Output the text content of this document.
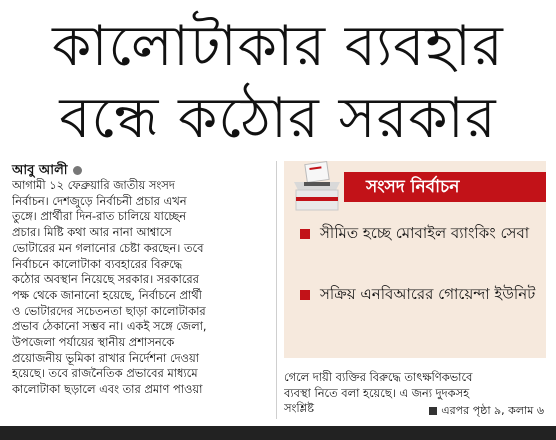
কালোটাকার ব্যবহার
বন্ধে কঠোর সরকার
আবু আলী
আগামী ১২ ফেব্রুয়ারি জাতীয় সংসদ
নির্বাচন। দেশজুড়ে নির্বাচনী প্রচার এখন
তুঙ্গে। প্রার্থীরা দিন-রাত চালিয়ে যাচ্ছেন
প্রচার। মিষ্টি কথা আর নানা আশ্বাসে
ভোটারের মন গলানোর চেষ্টা করছেন। তবে
নির্বাচনে কালোটাকা ব্যবহারের বিরুদ্ধে
কঠোর অবস্থান নিয়েছে সরকার। সরকারের
পক্ষ থেকে জানানো হয়েছে, নির্বাচনে প্রার্থী
ও ভোটারদের সচেতনতা ছাড়া কালোটাকার
প্রভাব ঠেকানো সম্ভব না। একই সঙ্গে জেলা,
উপজেলা পর্যায়ের স্থানীয় প্রশাসনকে
প্রয়োজনীয় ভূমিকা রাখার নির্দেশনা দেওয়া
হয়েছে। তবে রাজনৈতিক প্রভাবের মাধ্যমে
কালোটাকা ছড়ালে এবং তার প্রমাণ পাওয়া
সংসদ নির্বাচন
সীমিত হচ্ছে মোবাইল ব্যাংকিং সেবা
সক্রিয় এনবিআরের গোয়েন্দা ইউনিট
গেলে দায়ী ব্যক্তির বিরুদ্ধে তাৎক্ষণিকভাবে
ব্যবস্থা নিতে বলা হয়েছে। এ জন্য দুদকসহ
সংশ্লিষ্ট	এরপর পৃষ্ঠা ৯, কলাম ৬
